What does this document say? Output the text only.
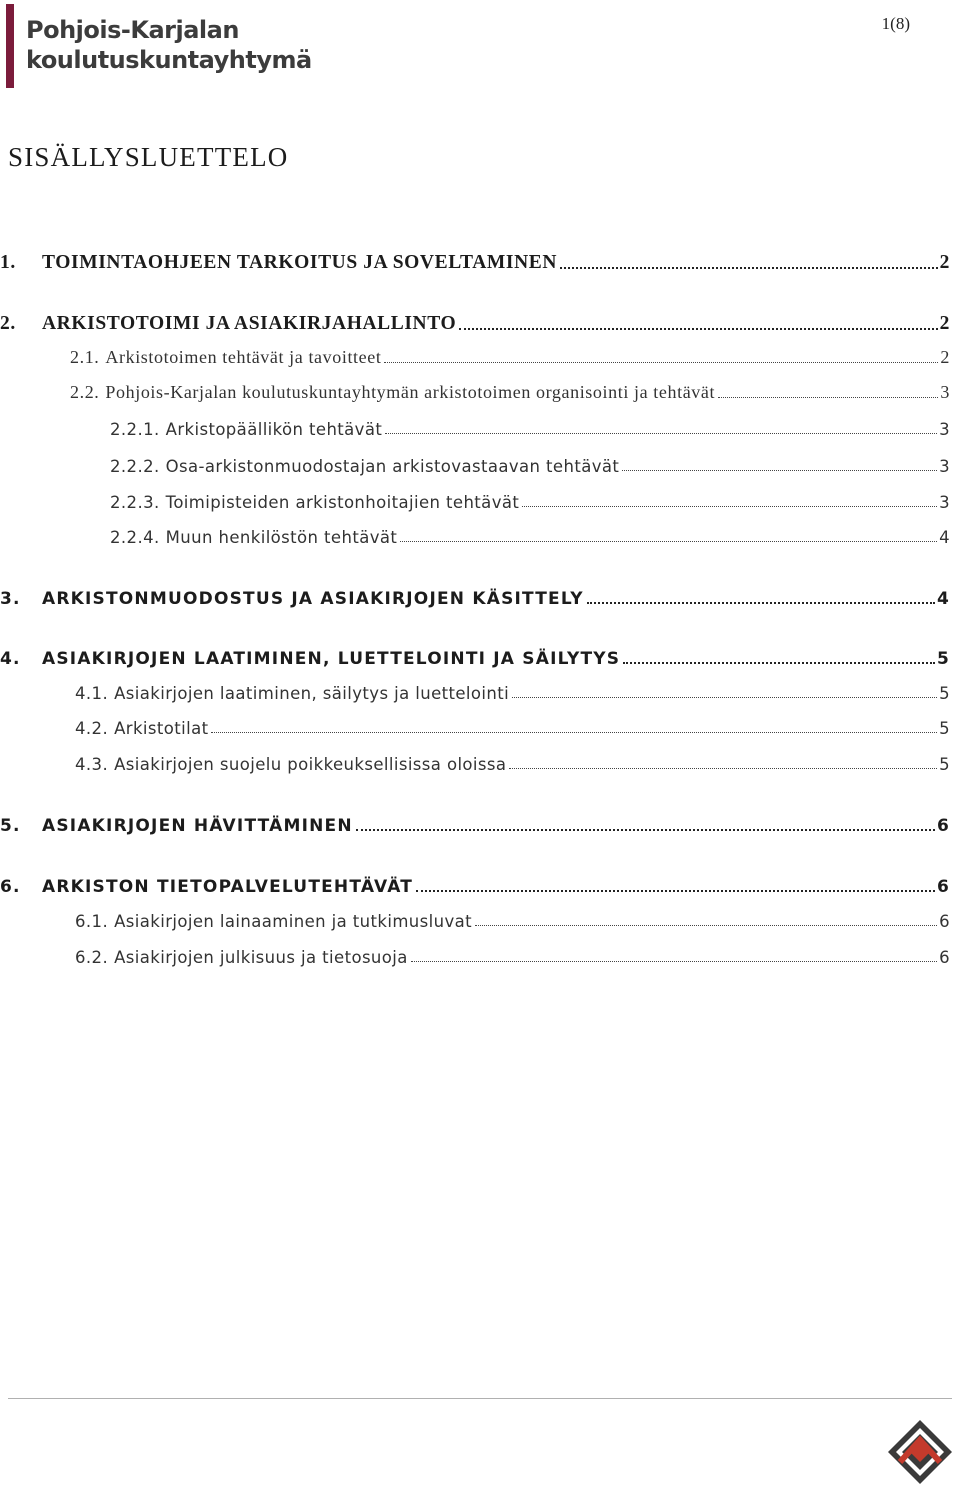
Pohjois-Karjalan
koulutuskuntayhtymä
1(8)
SISÄLLYSLUETTELO
1.	TOIMINTAOHJEEN TARKOITUS JA SOVELTAMINEN	2
2.	ARKISTOTOIMI JA ASIAKIRJAHALLINTO	2
2.1. Arkistotoimen tehtävät ja tavoitteet	2
2.2. Pohjois-Karjalan koulutuskuntayhtymän arkistotoimen organisointi ja tehtävät	3
2.2.1. Arkistopäällikön tehtävät	3
2.2.2. Osa-arkistonmuodostajan arkistovastaavan tehtävät	3
2.2.3. Toimipisteiden arkistonhoitajien tehtävät	3
2.2.4. Muun henkilöstön tehtävät	4
3.	ARKISTONMUODOSTUS JA ASIAKIRJOJEN KÄSITTELY	4
4.	ASIAKIRJOJEN LAATIMINEN, LUETTELOINTI JA SÄILYTYS	5
4.1. Asiakirjojen laatiminen, säilytys ja luettelointi	5
4.2. Arkistotilat	5
4.3. Asiakirjojen suojelu poikkeuksellisissa oloissa	5
5.	ASIAKIRJOJEN HÄVITTÄMINEN	6
6.	ARKISTON TIETOPALVELUTEHTÄVÄT	6
6.1. Asiakirjojen lainaaminen ja tutkimusluvat	6
6.2. Asiakirjojen julkisuus ja tietosuoja	6
